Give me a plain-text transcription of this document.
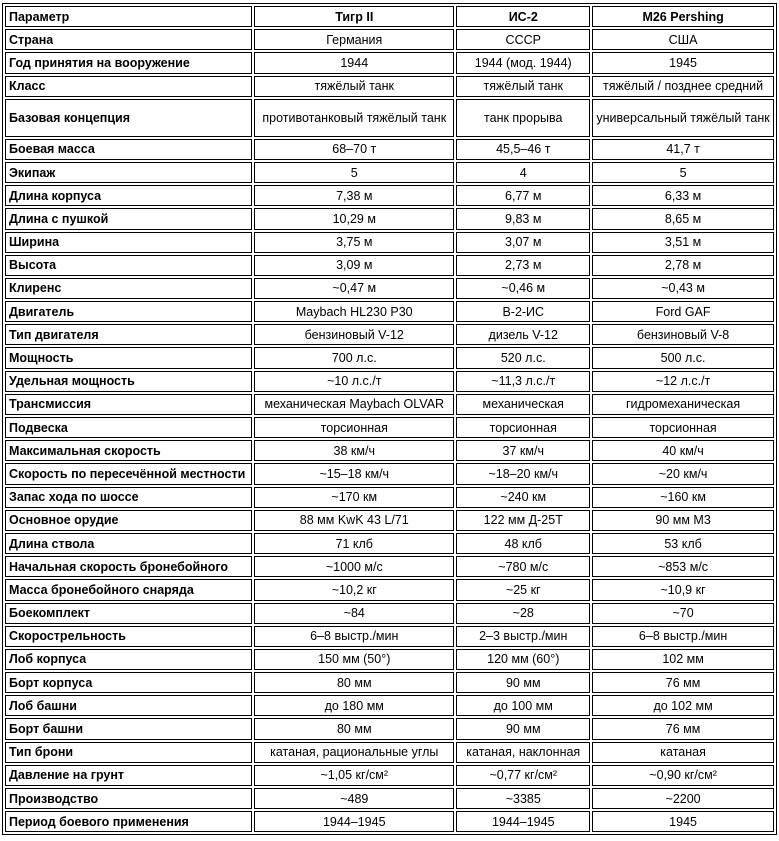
Параметр	Тигр II	ИС-2	M26 Pershing
Страна	Германия	СССР	США
Год принятия на вооружение	1944	1944 (мод. 1944)	1945
Класс	тяжёлый танк	тяжёлый танк	тяжёлый / позднее средний
Базовая концепция	противотанковый тяжёлый танк	танк прорыва	универсальный тяжёлый танк
Боевая масса	68–70 т	45,5–46 т	41,7 т
Экипаж	5	4	5
Длина корпуса	7,38 м	6,77 м	6,33 м
Длина с пушкой	10,29 м	9,83 м	8,65 м
Ширина	3,75 м	3,07 м	3,51 м
Высота	3,09 м	2,73 м	2,78 м
Клиренс	~0,47 м	~0,46 м	~0,43 м
Двигатель	Maybach HL230 P30	В-2-ИС	Ford GAF
Тип двигателя	бензиновый V-12	дизель V-12	бензиновый V-8
Мощность	700 л.с.	520 л.с.	500 л.с.
Удельная мощность	~10 л.с./т	~11,3 л.с./т	~12 л.с./т
Трансмиссия	механическая Maybach OLVAR	механическая	гидромеханическая
Подвеска	торсионная	торсионная	торсионная
Максимальная скорость	38 км/ч	37 км/ч	40 км/ч
Скорость по пересечённой местности	~15–18 км/ч	~18–20 км/ч	~20 км/ч
Запас хода по шоссе	~170 км	~240 км	~160 км
Основное орудие	88 мм KwK 43 L/71	122 мм Д-25Т	90 мм M3
Длина ствола	71 клб	48 клб	53 клб
Начальная скорость бронебойного	~1000 м/с	~780 м/с	~853 м/с
Масса бронебойного снаряда	~10,2 кг	~25 кг	~10,9 кг
Боекомплект	~84	~28	~70
Скорострельность	6–8 выстр./мин	2–3 выстр./мин	6–8 выстр./мин
Лоб корпуса	150 мм (50°)	120 мм (60°)	102 мм
Борт корпуса	80 мм	90 мм	76 мм
Лоб башни	до 180 мм	до 100 мм	до 102 мм
Борт башни	80 мм	90 мм	76 мм
Тип брони	катаная, рациональные углы	катаная, наклонная	катаная
Давление на грунт	~1,05 кг/см²	~0,77 кг/см²	~0,90 кг/см²
Производство	~489	~3385	~2200
Период боевого применения	1944–1945	1944–1945	1945
